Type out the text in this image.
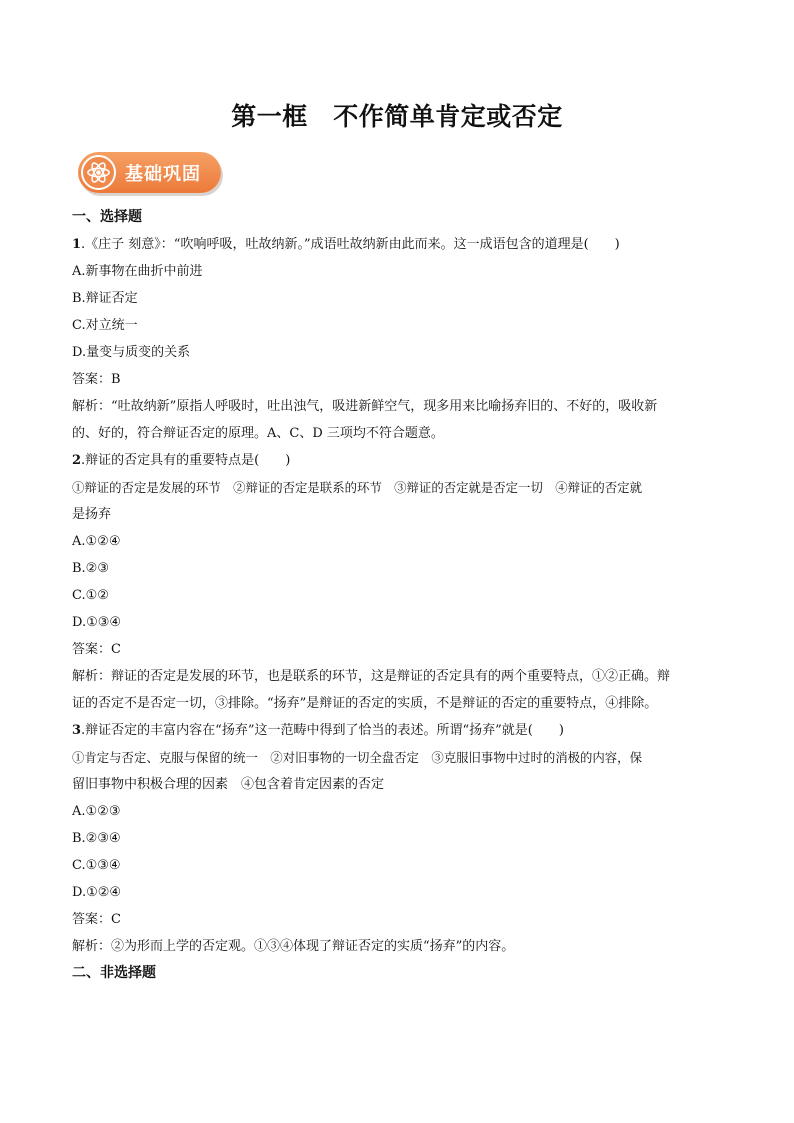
第一框　不作简单肯定或否定
基础巩固

一、选择题

1.《庄子 刻意》：“吹响呼吸，吐故纳新。”成语吐故纳新由此而来。这一成语包含的道理是(　　)

A.新事物在曲折中前进

B.辩证否定

C.对立统一

D.量变与质变的关系

答案：B

解析：“吐故纳新”原指人呼吸时，吐出浊气，吸进新鲜空气，现多用来比喻扬弃旧的、不好的，吸收新

的、好的，符合辩证否定的原理。A、C、D 三项均不符合题意。

2.辩证的否定具有的重要特点是(　　)

①辩证的否定是发展的环节　②辩证的否定是联系的环节　③辩证的否定就是否定一切　④辩证的否定就

是扬弃

A.①②④

B.②③

C.①②

D.①③④

答案：C

解析：辩证的否定是发展的环节，也是联系的环节，这是辩证的否定具有的两个重要特点，①②正确。辩

证的否定不是否定一切，③排除。“扬弃”是辩证的否定的实质，不是辩证的否定的重要特点，④排除。

3.辩证否定的丰富内容在“扬弃”这一范畴中得到了恰当的表述。所谓“扬弃”就是(　　)

①肯定与否定、克服与保留的统一　②对旧事物的一切全盘否定　③克服旧事物中过时的消极的内容，保

留旧事物中积极合理的因素　④包含着肯定因素的否定

A.①②③

B.②③④

C.①③④

D.①②④

答案：C

解析：②为形而上学的否定观。①③④体现了辩证否定的实质“扬弃”的内容。

二、非选择题
